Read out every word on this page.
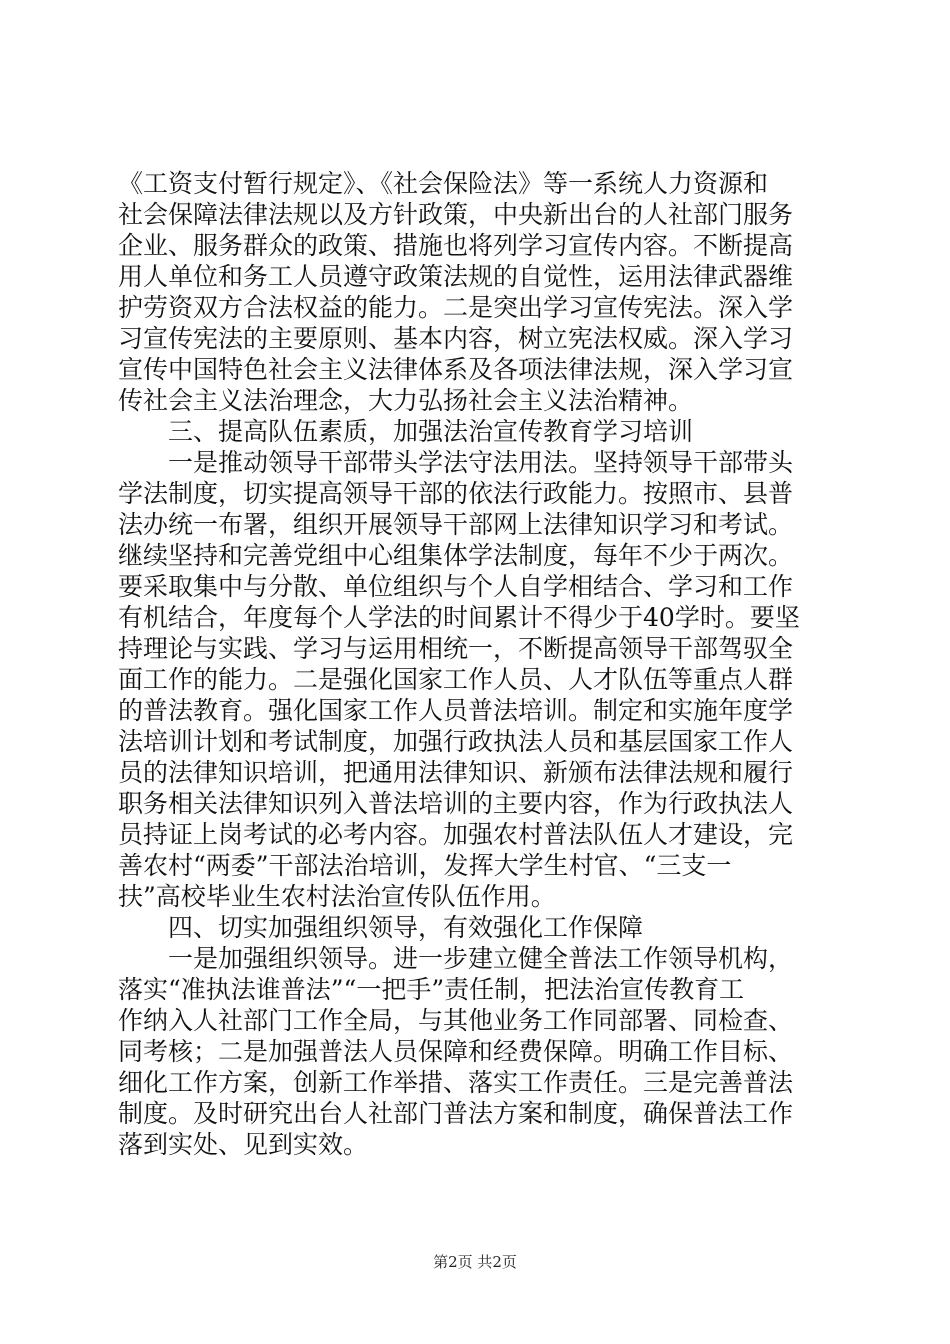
《工资支付暂行规定》、《社会保险法》等一系统人力资源和
社会保障法律法规以及方针政策，中央新出台的人社部门服务
企业、服务群众的政策、措施也将列学习宣传内容。不断提高
用人单位和务工人员遵守政策法规的自觉性，运用法律武器维
护劳资双方合法权益的能力。二是突出学习宣传宪法。深入学
习宣传宪法的主要原则、基本内容，树立宪法权威。深入学习
宣传中国特色社会主义法律体系及各项法律法规，深入学习宣
传社会主义法治理念，大力弘扬社会主义法治精神。
　　三、提高队伍素质，加强法治宣传教育学习培训
　　一是推动领导干部带头学法守法用法。坚持领导干部带头
学法制度，切实提高领导干部的依法行政能力。按照市、县普
法办统一布署，组织开展领导干部网上法律知识学习和考试。
继续坚持和完善党组中心组集体学法制度，每年不少于两次。
要采取集中与分散、单位组织与个人自学相结合、学习和工作
有机结合，年度每个人学法的时间累计不得少于40学时。要坚
持理论与实践、学习与运用相统一，不断提高领导干部驾驭全
面工作的能力。二是强化国家工作人员、人才队伍等重点人群
的普法教育。强化国家工作人员普法培训。制定和实施年度学
法培训计划和考试制度，加强行政执法人员和基层国家工作人
员的法律知识培训，把通用法律知识、新颁布法律法规和履行
职务相关法律知识列入普法培训的主要内容，作为行政执法人
员持证上岗考试的必考内容。加强农村普法队伍人才建设，完
善农村“两委”干部法治培训，发挥大学生村官、“三支一
扶”高校毕业生农村法治宣传队伍作用。
　　四、切实加强组织领导，有效强化工作保障
　　一是加强组织领导。进一步建立健全普法工作领导机构，
落实“准执法谁普法”“一把手”责任制，把法治宣传教育工
作纳入人社部门工作全局，与其他业务工作同部署、同检查、
同考核；二是加强普法人员保障和经费保障。明确工作目标、
细化工作方案，创新工作举措、落实工作责任。三是完善普法
制度。及时研究出台人社部门普法方案和制度，确保普法工作
落到实处、见到实效。
第2页 共2页
